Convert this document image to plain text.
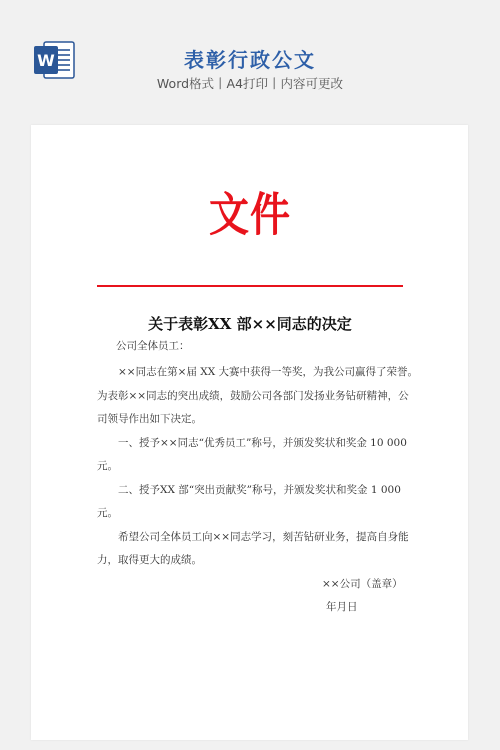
W	表彰行政公文
Word格式丨A4打印丨内容可更改
文件
关于表彰XX 部××同志的决定
公司全体员工：
××同志在第×届 XX 大赛中获得一等奖，为我公司赢得了荣誉。
为表彰××同志的突出成绩，鼓励公司各部门发扬业务钻研精神，公
司领导作出如下决定。
一、授予××同志“优秀员工”称号，并颁发奖状和奖金 10 000
元。
二、授予XX 部“突出贡献奖”称号，并颁发奖状和奖金 1 000
元。
希望公司全体员工向××同志学习，刻苦钻研业务，提高自身能
力，取得更大的成绩。
××公司（盖章）
年月日
